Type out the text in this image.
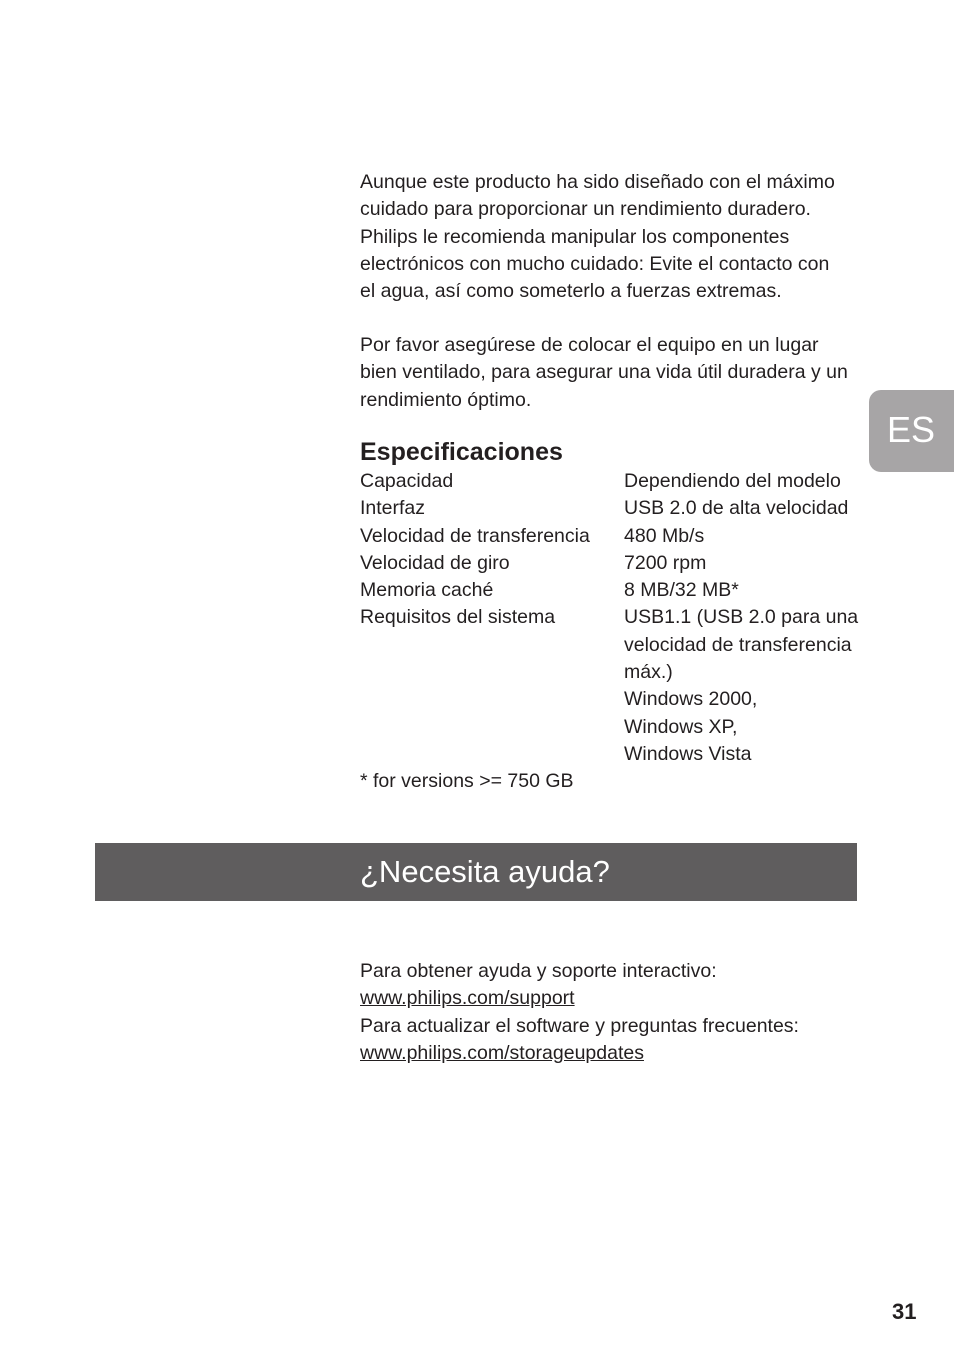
Aunque este producto ha sido diseñado con el máximo
cuidado para proporcionar un rendimiento duradero.
Philips le recomienda manipular los componentes
electrónicos con mucho cuidado: Evite el contacto con
el agua, así como someterlo a fuerzas extremas.

Por favor asegúrese de colocar el equipo en un lugar
bien ventilado, para asegurar una vida útil duradera y un
rendimiento óptimo.

Especificaciones
Capacidad	Dependiendo del modelo
Interfaz	USB 2.0 de alta velocidad
Velocidad de transferencia	480 Mb/s
Velocidad de giro	7200 rpm
Memoria caché	8 MB/32 MB*
Requisitos del sistema	USB1.1 (USB 2.0 para una
velocidad de transferencia
máx.)
Windows 2000,
Windows XP,
Windows Vista
* for versions >= 750 GB
¿Necesita ayuda?
Para obtener ayuda y soporte interactivo:
www.philips.com/support
Para actualizar el software y preguntas frecuentes:
www.philips.com/storageupdates
ES
31
